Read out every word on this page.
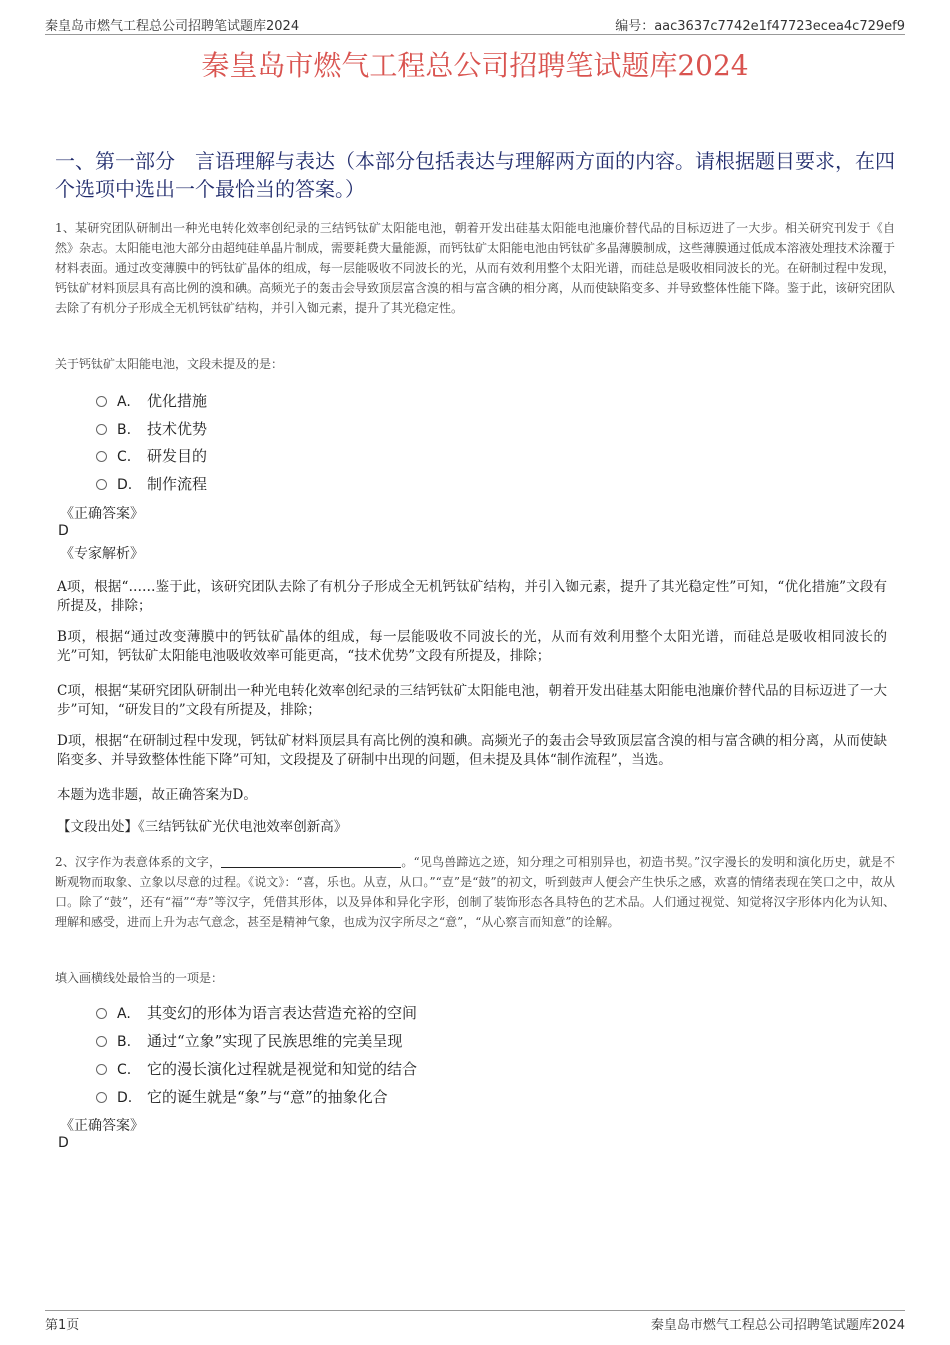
秦皇岛市燃气工程总公司招聘笔试题库2024	编号：aac3637c7742e1f47723ecea4c729ef9
秦皇岛市燃气工程总公司招聘笔试题库2024
一、第一部分　言语理解与表达（本部分包括表达与理解两方面的内容。请根据题目要求，在四个选项中选出一个最恰当的答案。）
1、某研究团队研制出一种光电转化效率创纪录的三结钙钛矿太阳能电池，朝着开发出硅基太阳能电池廉价替代品的目标迈进了一大步。相关研究刊发于《自然》杂志。太阳能电池大部分由超纯硅单晶片制成，需要耗费大量能源，而钙钛矿太阳能电池由钙钛矿多晶薄膜制成，这些薄膜通过低成本溶液处理技术涂覆于材料表面。通过改变薄膜中的钙钛矿晶体的组成，每一层能吸收不同波长的光，从而有效利用整个太阳光谱，而硅总是吸收相同波长的光。在研制过程中发现，钙钛矿材料顶层具有高比例的溴和碘。高频光子的轰击会导致顶层富含溴的相与富含碘的相分离，从而使缺陷变多、并导致整体性能下降。鉴于此，该研究团队去除了有机分子形成全无机钙钛矿结构，并引入铷元素，提升了其光稳定性。
关于钙钛矿太阳能电池，文段未提及的是：
A. 优化措施
B. 技术优势
C. 研发目的
D. 制作流程
《正确答案》
D
《专家解析》
A项，根据“……鉴于此，该研究团队去除了有机分子形成全无机钙钛矿结构，并引入铷元素，提升了其光稳定性”可知，“优化措施”文段有所提及，排除；
B项，根据“通过改变薄膜中的钙钛矿晶体的组成，每一层能吸收不同波长的光，从而有效利用整个太阳光谱，而硅总是吸收相同波长的光”可知，钙钛矿太阳能电池吸收效率可能更高，“技术优势”文段有所提及，排除；
C项，根据“某研究团队研制出一种光电转化效率创纪录的三结钙钛矿太阳能电池，朝着开发出硅基太阳能电池廉价替代品的目标迈进了一大步”可知，“研发目的”文段有所提及，排除；
D项，根据“在研制过程中发现，钙钛矿材料顶层具有高比例的溴和碘。高频光子的轰击会导致顶层富含溴的相与富含碘的相分离，从而使缺陷变多、并导致整体性能下降”可知，文段提及了研制中出现的问题，但未提及具体“制作流程”，当选。
本题为选非题，故正确答案为D。
【文段出处】《三结钙钛矿光伏电池效率创新高》
2、汉字作为表意体系的文字，	。“见鸟兽蹄迒之迹，知分理之可相别异也，初造书契。”汉字漫长的发明和演化历史，就是不断观物而取象、立象以尽意的过程。《说文》：“喜，乐也。从壴，从口。”“壴”是“鼓”的初文，听到鼓声人便会产生快乐之感，欢喜的情绪表现在笑口之中，故从口。除了“鼓”，还有“福”“寿”等汉字，凭借其形体，以及异体和异化字形，创制了装饰形态各具特色的艺术品。人们通过视觉、知觉将汉字形体内化为认知、理解和感受，进而上升为志气意念，甚至是精神气象，也成为汉字所尽之“意”，“从心察言而知意”的诠解。
填入画横线处最恰当的一项是：
A. 其变幻的形体为语言表达营造充裕的空间
B. 通过“立象”实现了民族思维的完美呈现
C. 它的漫长演化过程就是视觉和知觉的结合
D. 它的诞生就是“象”与“意”的抽象化合
《正确答案》
D
第1页	秦皇岛市燃气工程总公司招聘笔试题库2024
